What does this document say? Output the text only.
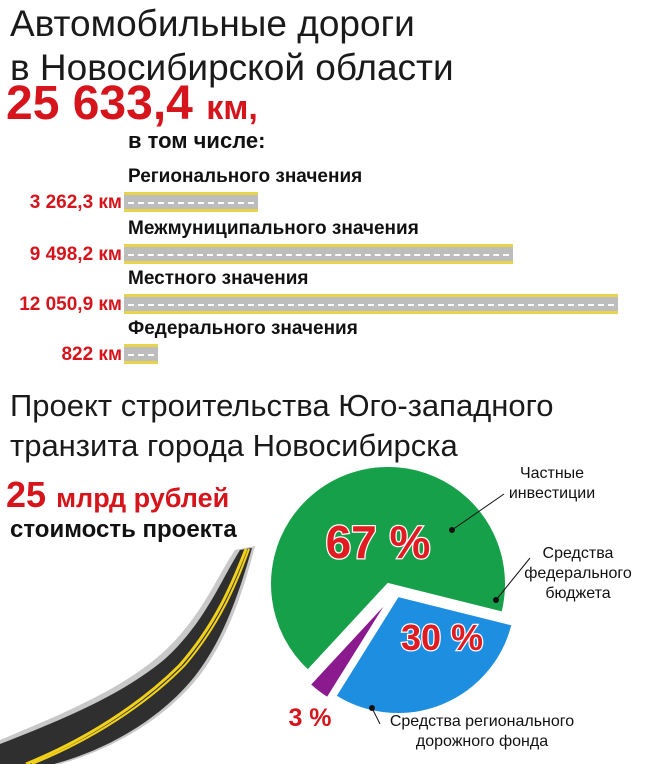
Автомобильные дороги
в Новосибирской области
25 633,4 км,
в том числе:
Регионального значения
3 262,3 км
Межмуниципального значения
9 498,2 км
Местного значения
12 050,9 км
Федерального значения
822 км
Проект строительства Юго-западного
транзита города Новосибирска
25 млрд рублей
стоимость проекта 67 %
30 %
3 %
Частные
инвестиции
Средства
федерального
бюджета
Средства регионального
дорожного фонда
